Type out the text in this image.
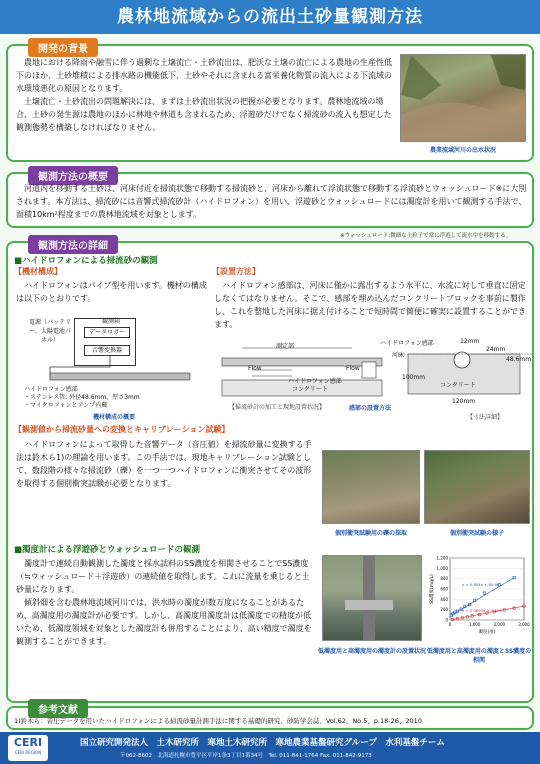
農林地流域からの流出土砂量観測方法
開発の背景

農地における降雨や融雪に伴う過剰な土壌流亡・土砂流出は、肥沃な土壌の流亡による農地の生産性低下のほか、土砂堆積による排水路の機能低下、土砂やそれに含まれる富栄養化物質の流入による下流域の水環境悪化の原因となります。

土壌流亡・土砂流出の問題解決には、まずは土砂流出状況の把握が必要となります。農林地流域の場合、土砂の発生源は農地のほかに林地や林道も含まれるため、浮遊砂だけでなく掃流砂の流入も想定した観測態勢を構築しなければなりません。

農業流域河川の出水状況
観測方法の概要

河道内を移動する土砂は、河床付近を掃流状態で移動する掃流砂と、河床から離れて浮流状態で移動する浮流砂とウォッシュロード※に大別されます。本方法は、掃流砂には音響式掃流砂計（ハイドロフォン）を用い、浮遊砂とウォッシュロードには濁度計を用いて観測する手法で、面積10km²程度までの農林地流域を対象とします。

※ウォッシュロード:微細な土粒子で常に浮遊して流水中を移動する。
観測方法の詳細
■ハイドロフォンによる掃流砂の観測
【機材構成】

ハイドロフォンはパイプ型を用います。機材の構成は以下のとおりです。

電源（バッテリー、太陽電池パネル）
観測箱
データロガー
音響変換器
ハイドロフォン感部
・ステンレス管: 外径48.6mm、厚さ3mm
・マイクロフォンとアンプ内蔵
機材構成の概要
【設置方法】

ハイドロフォン感部は、河床に僅かに露出するよう水平に、水流に対して垂直に固定しなくてはなりません。そこで、感部を埋め込んだコンクリートブロックを事前に製作し、これを整地した河床に据え付けることで短時間で簡便に確実に設置することができます。

測定部
Flow	Flow
ハイドロフォン感部
コンクリート
【掃流砂計の加工と現地設置状況】
ハイドロフォン感部
河床
12mm
24mm
48.6mm
100mm
コンクリート
120mm
感部の設置方法
【寸法詳細】
【観測値から掃流砂量への変換とキャリブレーション試験】

ハイドロフォンによって取得した音響データ（音圧値）を掃流砂量に変換する手法は鈴木ら1)の理論を用います。この手法では、現地キャリブレーション試験として、数段階の様々な掃流砂（礫）を一つ一つハイドロフォンに衝突させてその波形を取得する個別衝突試験が必要となります。

個別衝突試験用の礫の採取	個別衝突試験の様子
■濁度計による浮遊砂とウォッシュロードの観測

濁度計で連続自動観測した濁度と採水試料のSS濃度を相関させることでSS濃度（≒ウォッシュロード＋浮遊砂）の連続値を取得します。これに流量を乗じると土砂量になります。

傾斜畑を含む農林地流域河川では、洪水時の濁度が数万度になることがあるため、高濁度用の濁度計が必要です。しかし、高濁度用濁度計は低濁度での精度が低いため、低濁度領域を対象とした濁度計も併用することにより、高い精度で濁度を観測することができます。

低濁度用と高濁度用の濁度計の設置状況
0
200
400
600
800
1,000
1,200
0	1,000	2,000	3,000
濁度(度)
SS濃度(mg/L)	y = 0.304x + 80.96
y = 0.0895x + 1.105
低濁度用と高濁度用の濁度とSS濃度の相関
参考文献
1)鈴木ら：音圧データを用いたハイドロフォンによる掃流砂量計測手法に関する基礎的研究、砂防学会誌、Vol.62、No.5、p.18-26、2010
CERI
CERI REGION
国立研究開発法人　土木研究所　寒地土木研究所　寒地農業基盤研究グループ　水利基盤チーム
〒062-8602　北海道札幌市豊平区平岸1条3丁目1番34号　Tel. 011-841-1764 Fax. 011-842-9173
